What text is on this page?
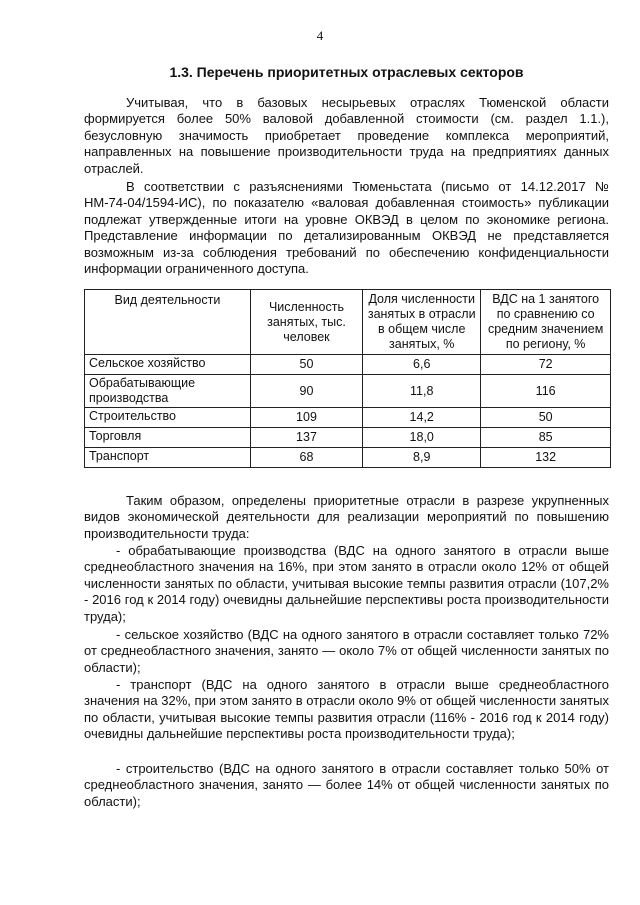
4
1.3. Перечень приоритетных отраслевых секторов

Учитывая, что в базовых несырьевых отраслях Тюменской области формируется более 50% валовой добавленной стоимости (см. раздел 1.1.), безусловную значимость приобретает проведение комплекса мероприятий, направленных на повышение производительности труда на предприятиях данных отраслей.

В соответствии с разъяснениями Тюменьстата (письмо от 14.12.2017 № НМ-74-04/1594-ИС), по показателю «валовая добавленная стоимость» публикации подлежат утвержденные итоги на уровне ОКВЭД в целом по экономике региона. Представление информации по детализированным ОКВЭД не представляется возможным из-за соблюдения требований по обеспечению конфиденциальности информации ограниченного доступа.

Вид деятельности	Численность занятых, тыс. человек	Доля численности занятых в отрасли в общем числе занятых, %	ВДС на 1 занятого по сравнению со средним значением по региону, %
Сельское хозяйство	50	6,6	72
Обрабатывающие производства	90	11,8	116
Строительство	109	14,2	50
Торговля	137	18,0	85
Транспорт	68	8,9	132

Таким образом, определены приоритетные отрасли в разрезе укрупненных видов экономической деятельности для реализации мероприятий по повышению производительности труда:

- обрабатывающие производства (ВДС на одного занятого в отрасли выше среднеобластного значения на 16%, при этом занято в отрасли около 12% от общей численности занятых по области, учитывая высокие темпы развития отрасли (107,2% - 2016 год к 2014 году) очевидны дальнейшие перспективы роста производительности труда);

- сельское хозяйство (ВДС на одного занятого в отрасли составляет только 72% от среднеобластного значения, занято — около 7% от общей численности занятых по области);

- транспорт (ВДС на одного занятого в отрасли выше среднеобластного значения на 32%, при этом занято в отрасли около 9% от общей численности занятых по области, учитывая высокие темпы развития отрасли (116% - 2016 год к 2014 году) очевидны дальнейшие перспективы роста производительности труда);

- строительство (ВДС на одного занятого в отрасли составляет только 50% от среднеобластного значения, занято — более 14% от общей численности занятых по области);
